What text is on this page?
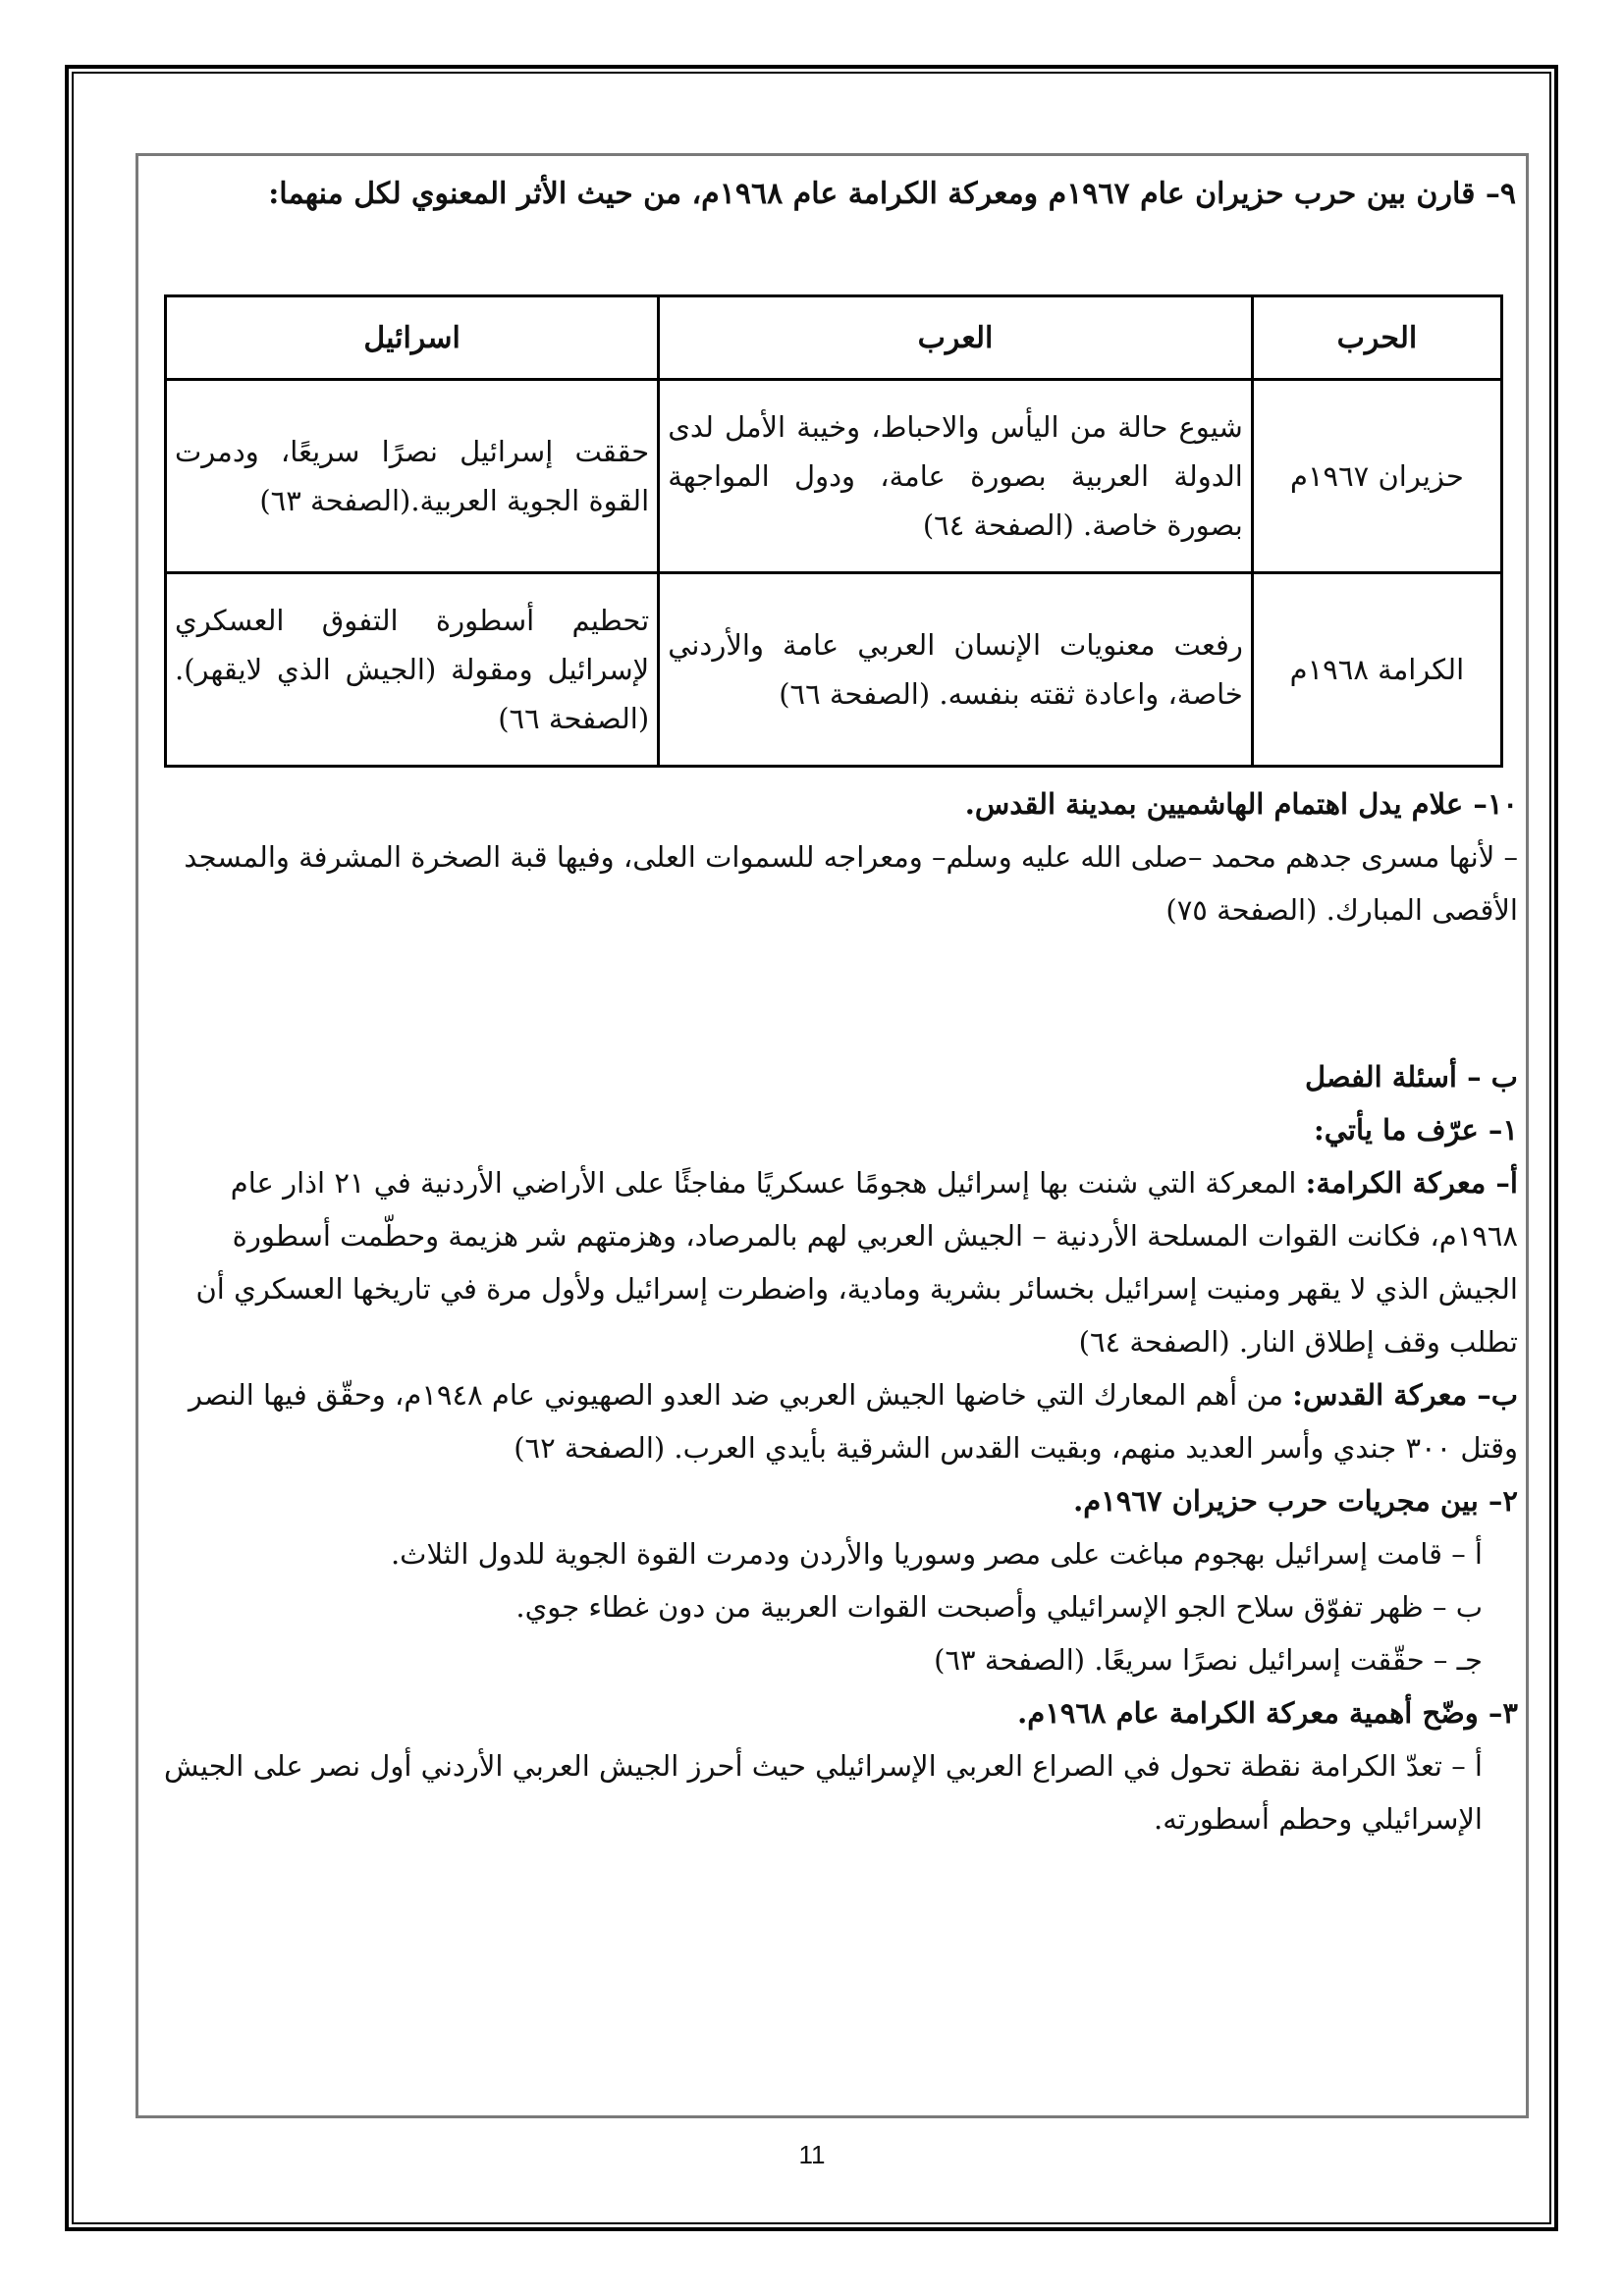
٩– قارن بين حرب حزيران عام ١٩٦٧م ومعركة الكرامة عام ١٩٦٨م، من حيث الأثر المعنوي لكل منهما:
الحرب	العرب	اسرائيل
حزيران ١٩٦٧م	شيوع حالة من اليأس والاحباط، وخيبة الأمل لدى الدولة العربية بصورة عامة، ودول المواجهة بصورة خاصة. (الصفحة ٦٤)	حققت إسرائيل نصرًا سريعًا، ودمرت القوة الجوية العربية.(الصفحة ٦٣)
الكرامة ١٩٦٨م	رفعت معنويات الإنسان العربي عامة والأردني خاصة، واعادة ثقته بنفسه. (الصفحة ٦٦)	تحطيم أسطورة التفوق العسكري لإسرائيل ومقولة (الجيش الذي لايقهر). (الصفحة ٦٦)
١٠– علام يدل اهتمام الهاشميين بمدينة القدس.
– لأنها مسرى جدهم محمد –صلى الله عليه وسلم– ومعراجه للسموات العلى، وفيها قبة الصخرة المشرفة والمسجد الأقصى المبارك. (الصفحة ٧٥)
ب – أسئلة الفصل
١– عرّف ما يأتي:
أ– معركة الكرامة: المعركة التي شنت بها إسرائيل هجومًا عسكريًا مفاجئًا على الأراضي الأردنية في ٢١ اذار عام ١٩٦٨م، فكانت القوات المسلحة الأردنية – الجيش العربي لهم بالمرصاد، وهزمتهم شر هزيمة وحطّمت أسطورة الجيش الذي لا يقهر ومنيت إسرائيل بخسائر بشرية ومادية، واضطرت إسرائيل ولأول مرة في تاريخها العسكري أن تطلب وقف إطلاق النار. (الصفحة ٦٤)
ب– معركة القدس: من أهم المعارك التي خاضها الجيش العربي ضد العدو الصهيوني عام ١٩٤٨م، وحقّق فيها النصر وقتل ٣٠٠ جندي وأسر العديد منهم، وبقيت القدس الشرقية بأيدي العرب. (الصفحة ٦٢)
٢– بين مجريات حرب حزيران ١٩٦٧م.
أ – قامت إسرائيل بهجوم مباغت على مصر وسوريا والأردن ودمرت القوة الجوية للدول الثلاث.
ب – ظهر تفوّق سلاح الجو الإسرائيلي وأصبحت القوات العربية من دون غطاء جوي.
جـ – حقّقت إسرائيل نصرًا سريعًا. (الصفحة ٦٣)
٣– وضّح أهمية معركة الكرامة عام ١٩٦٨م.
أ – تعدّ الكرامة نقطة تحول في الصراع العربي الإسرائيلي حيث أحرز الجيش العربي الأردني أول نصر على الجيش الإسرائيلي وحطم أسطورته.
11
